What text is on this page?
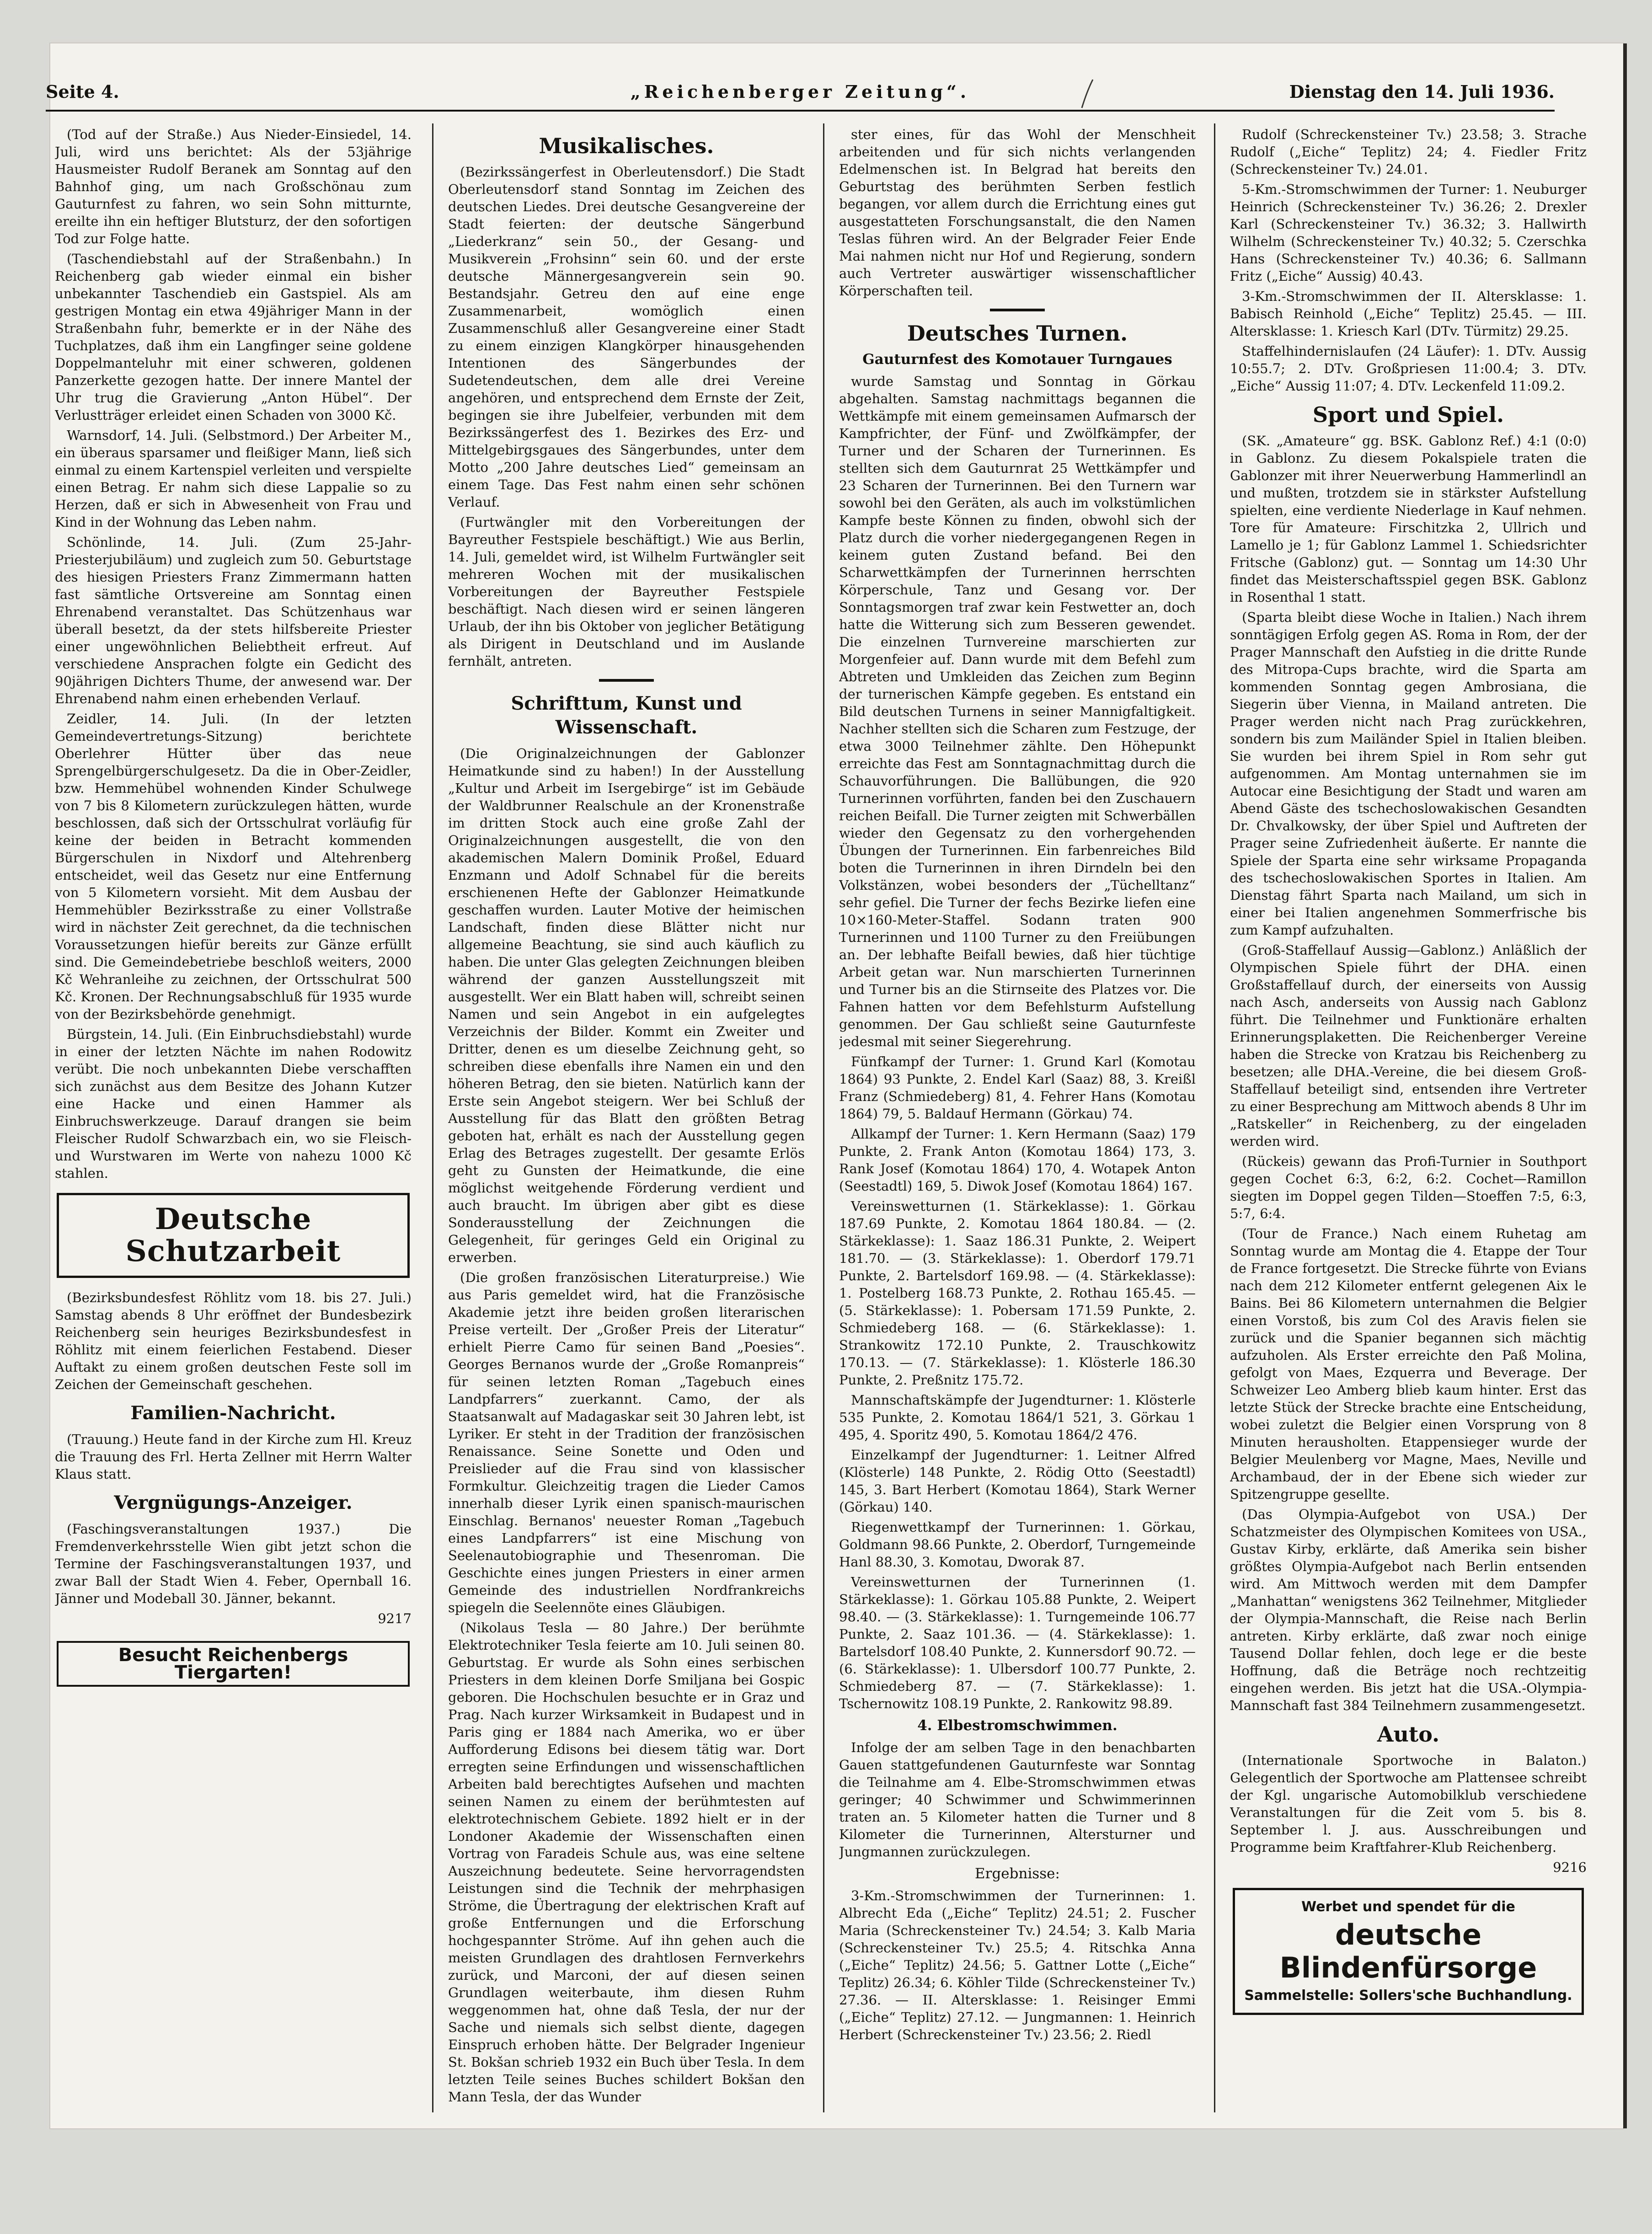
Seite 4.	„Reichenberger Zeitung“.	Dienstag den 14. Juli 1936.

(Tod auf der Straße.) Aus Nieder-Einsiedel, 14. Juli, wird uns berichtet: Als der 53jährige Hausmeister Rudolf Beranek am Sonntag auf den Bahnhof ging, um nach Großschönau zum Gauturnfest zu fahren, wo sein Sohn mitturnte, ereilte ihn ein heftiger Blutsturz, der den sofortigen Tod zur Folge hatte.

(Taschendiebstahl auf der Straßenbahn.) In Reichenberg gab wieder einmal ein bisher unbekannter Taschendieb ein Gastspiel. Als am gestrigen Montag ein etwa 49jähriger Mann in der Straßenbahn fuhr, bemerkte er in der Nähe des Tuchplatzes, daß ihm ein Langfinger seine goldene Doppelmanteluhr mit einer schweren, goldenen Panzerkette gezogen hatte. Der innere Mantel der Uhr trug die Gravierung „Anton Hübel“. Der Verlustträger erleidet einen Schaden von 3000 Kč.

Warnsdorf, 14. Juli. (Selbstmord.) Der Arbeiter M., ein überaus sparsamer und fleißiger Mann, ließ sich einmal zu einem Kartenspiel verleiten und verspielte einen Betrag. Er nahm sich diese Lappalie so zu Herzen, daß er sich in Abwesenheit von Frau und Kind in der Wohnung das Leben nahm.

Schönlinde, 14. Juli. (Zum 25-Jahr-Priesterjubiläum) und zugleich zum 50. Geburtstage des hiesigen Priesters Franz Zimmermann hatten fast sämtliche Ortsvereine am Sonntag einen Ehrenabend veranstaltet. Das Schützenhaus war überall besetzt, da der stets hilfsbereite Priester einer ungewöhnlichen Beliebtheit erfreut. Auf verschiedene Ansprachen folgte ein Gedicht des 90jährigen Dichters Thume, der anwesend war. Der Ehrenabend nahm einen erhebenden Verlauf.

Zeidler, 14. Juli. (In der letzten Gemeindevertretungs-Sitzung) berichtete Oberlehrer Hütter über das neue Sprengelbürgerschulgesetz. Da die in Ober-Zeidler, bzw. Hemmehübel wohnenden Kinder Schulwege von 7 bis 8 Kilometern zurückzulegen hätten, wurde beschlossen, daß sich der Ortsschulrat vorläufig für keine der beiden in Betracht kommenden Bürgerschulen in Nixdorf und Altehrenberg entscheidet, weil das Gesetz nur eine Entfernung von 5 Kilometern vorsieht. Mit dem Ausbau der Hemmehübler Bezirksstraße zu einer Vollstraße wird in nächster Zeit gerechnet, da die technischen Voraussetzungen hiefür bereits zur Gänze erfüllt sind. Die Gemeindebetriebe beschloß weiters, 2000 Kč Wehranleihe zu zeichnen, der Ortsschulrat 500 Kč. Kronen. Der Rechnungsabschluß für 1935 wurde von der Bezirksbehörde genehmigt.

Bürgstein, 14. Juli. (Ein Einbruchsdiebstahl) wurde in einer der letzten Nächte im nahen Rodowitz verübt. Die noch unbekannten Diebe verschafften sich zunächst aus dem Besitze des Johann Kutzer eine Hacke und einen Hammer als Einbruchswerkzeuge. Darauf drangen sie beim Fleischer Rudolf Schwarzbach ein, wo sie Fleisch- und Wurstwaren im Werte von nahezu 1000 Kč stahlen.

Deutsche Schutzarbeit

(Bezirksbundesfest Röhlitz vom 18. bis 27. Juli.) Samstag abends 8 Uhr eröffnet der Bundesbezirk Reichenberg sein heuriges Bezirksbundesfest in Röhlitz mit einem feierlichen Festabend. Dieser Auftakt zu einem großen deutschen Feste soll im Zeichen der Gemeinschaft geschehen.

Familien-Nachricht.

(Trauung.) Heute fand in der Kirche zum Hl. Kreuz die Trauung des Frl. Herta Zellner mit Herrn Walter Klaus statt.

Vergnügungs-Anzeiger.

(Faschingsveranstaltungen 1937.) Die Fremdenverkehrsstelle Wien gibt jetzt schon die Termine der Faschingsveranstaltungen 1937, und zwar Ball der Stadt Wien 4. Feber, Opernball 16. Jänner und Modeball 30. Jänner, bekannt.

9217
Besucht Reichenbergs Tiergarten!
Musikalisches.

(Bezirkssängerfest in Oberleutensdorf.) Die Stadt Oberleutensdorf stand Sonntag im Zeichen des deutschen Liedes. Drei deutsche Gesangvereine der Stadt feierten: der deutsche Sängerbund „Liederkranz“ sein 50., der Gesang- und Musikverein „Frohsinn“ sein 60. und der erste deutsche Männergesangverein sein 90. Bestandsjahr. Getreu den auf eine enge Zusammenarbeit, womöglich einen Zusammenschluß aller Gesangvereine einer Stadt zu einem einzigen Klangkörper hinausgehenden Intentionen des Sängerbundes der Sudetendeutschen, dem alle drei Vereine angehören, und entsprechend dem Ernste der Zeit, begingen sie ihre Jubelfeier, verbunden mit dem Bezirkssängerfest des 1. Bezirkes des Erz- und Mittelgebirgsgaues des Sängerbundes, unter dem Motto „200 Jahre deutsches Lied“ gemeinsam an einem Tage. Das Fest nahm einen sehr schönen Verlauf.

(Furtwängler mit den Vorbereitungen der Bayreuther Festspiele beschäftigt.) Wie aus Berlin, 14. Juli, gemeldet wird, ist Wilhelm Furtwängler seit mehreren Wochen mit der musikalischen Vorbereitungen der Bayreuther Festspiele beschäftigt. Nach diesen wird er seinen längeren Urlaub, der ihn bis Oktober von jeglicher Betätigung als Dirigent in Deutschland und im Auslande fernhält, antreten.

Schrifttum, Kunst und Wissenschaft.

(Die Originalzeichnungen der Gablonzer Heimatkunde sind zu haben!) In der Ausstellung „Kultur und Arbeit im Isergebirge“ ist im Gebäude der Waldbrunner Realschule an der Kronenstraße im dritten Stock auch eine große Zahl der Originalzeichnungen ausgestellt, die von den akademischen Malern Dominik Proßel, Eduard Enzmann und Adolf Schnabel für die bereits erschienenen Hefte der Gablonzer Heimatkunde geschaffen wurden. Lauter Motive der heimischen Landschaft, finden diese Blätter nicht nur allgemeine Beachtung, sie sind auch käuflich zu haben. Die unter Glas gelegten Zeichnungen bleiben während der ganzen Ausstellungszeit mit ausgestellt. Wer ein Blatt haben will, schreibt seinen Namen und sein Angebot in ein aufgelegtes Verzeichnis der Bilder. Kommt ein Zweiter und Dritter, denen es um dieselbe Zeichnung geht, so schreiben diese ebenfalls ihre Namen ein und den höheren Betrag, den sie bieten. Natürlich kann der Erste sein Angebot steigern. Wer bei Schluß der Ausstellung für das Blatt den größten Betrag geboten hat, erhält es nach der Ausstellung gegen Erlag des Betrages zugestellt. Der gesamte Erlös geht zu Gunsten der Heimatkunde, die eine möglichst weitgehende Förderung verdient und auch braucht. Im übrigen aber gibt es diese Sonderausstellung der Zeichnungen die Gelegenheit, für geringes Geld ein Original zu erwerben.

(Die großen französischen Literaturpreise.) Wie aus Paris gemeldet wird, hat die Französische Akademie jetzt ihre beiden großen literarischen Preise verteilt. Der „Großer Preis der Literatur“ erhielt Pierre Camo für seinen Band „Poesies“. Georges Bernanos wurde der „Große Romanpreis“ für seinen letzten Roman „Tagebuch eines Landpfarrers“ zuerkannt. Camo, der als Staatsanwalt auf Madagaskar seit 30 Jahren lebt, ist Lyriker. Er steht in der Tradition der französischen Renaissance. Seine Sonette und Oden und Preislieder auf die Frau sind von klassischer Formkultur. Gleichzeitig tragen die Lieder Camos innerhalb dieser Lyrik einen spanisch-maurischen Einschlag. Bernanos' neuester Roman „Tagebuch eines Landpfarrers“ ist eine Mischung von Seelenautobiographie und Thesenroman. Die Geschichte eines jungen Priesters in einer armen Gemeinde des industriellen Nordfrankreichs spiegeln die Seelennöte eines Gläubigen.

(Nikolaus Tesla — 80 Jahre.) Der berühmte Elektrotechniker Tesla feierte am 10. Juli seinen 80. Geburtstag. Er wurde als Sohn eines serbischen Priesters in dem kleinen Dorfe Smiljana bei Gospic geboren. Die Hochschulen besuchte er in Graz und Prag. Nach kurzer Wirksamkeit in Budapest und in Paris ging er 1884 nach Amerika, wo er über Aufforderung Edisons bei diesem tätig war. Dort erregten seine Erfindungen und wissenschaftlichen Arbeiten bald berechtigtes Aufsehen und machten seinen Namen zu einem der berühmtesten auf elektrotechnischem Gebiete. 1892 hielt er in der Londoner Akademie der Wissenschaften einen Vortrag von Faradeis Schule aus, was eine seltene Auszeichnung bedeutete. Seine hervorragendsten Leistungen sind die Technik der mehrphasigen Ströme, die Übertragung der elektrischen Kraft auf große Entfernungen und die Erforschung hochgespannter Ströme. Auf ihn gehen auch die meisten Grundlagen des drahtlosen Fernverkehrs zurück, und Marconi, der auf diesen seinen Grundlagen weiterbaute, ihm diesen Ruhm weggenommen hat, ohne daß Tesla, der nur der Sache und niemals sich selbst diente, dagegen Einspruch erhoben hätte. Der Belgrader Ingenieur St. Bokšan schrieb 1932 ein Buch über Tesla. In dem letzten Teile seines Buches schildert Bokšan den Mann Tesla, der das Wunder

ster eines, für das Wohl der Menschheit arbeitenden und für sich nichts verlangenden Edelmenschen ist. In Belgrad hat bereits den Geburtstag des berühmten Serben festlich begangen, vor allem durch die Errichtung eines gut ausgestatteten Forschungsanstalt, die den Namen Teslas führen wird. An der Belgrader Feier Ende Mai nahmen nicht nur Hof und Regierung, sondern auch Vertreter auswärtiger wissenschaftlicher Körperschaften teil.

Deutsches Turnen.
Gauturnfest des Komotauer Turngaues

wurde Samstag und Sonntag in Görkau abgehalten. Samstag nachmittags begannen die Wettkämpfe mit einem gemeinsamen Aufmarsch der Kampfrichter, der Fünf- und Zwölfkämpfer, der Turner und der Scharen der Turnerinnen. Es stellten sich dem Gauturnrat 25 Wettkämpfer und 23 Scharen der Turnerinnen. Bei den Turnern war sowohl bei den Geräten, als auch im volkstümlichen Kampfe beste Können zu finden, obwohl sich der Platz durch die vorher niedergegangenen Regen in keinem guten Zustand befand. Bei den Scharwettkämpfen der Turnerinnen herrschten Körperschule, Tanz und Gesang vor. Der Sonntagsmorgen traf zwar kein Festwetter an, doch hatte die Witterung sich zum Besseren gewendet. Die einzelnen Turnvereine marschierten zur Morgenfeier auf. Dann wurde mit dem Befehl zum Abtreten und Umkleiden das Zeichen zum Beginn der turnerischen Kämpfe gegeben. Es entstand ein Bild deutschen Turnens in seiner Mannigfaltigkeit. Nachher stellten sich die Scharen zum Festzuge, der etwa 3000 Teilnehmer zählte. Den Höhepunkt erreichte das Fest am Sonntagnachmittag durch die Schauvorführungen. Die Ballübungen, die 920 Turnerinnen vorführten, fanden bei den Zuschauern reichen Beifall. Die Turner zeigten mit Schwerbällen wieder den Gegensatz zu den vorhergehenden Übungen der Turnerinnen. Ein farbenreiches Bild boten die Turnerinnen in ihren Dirndeln bei den Volkstänzen, wobei besonders der „Tüchelltanz“ sehr gefiel. Die Turner der fechs Bezirke liefen eine 10×160-Meter-Staffel. Sodann traten 900 Turnerinnen und 1100 Turner zu den Freiübungen an. Der lebhafte Beifall bewies, daß hier tüchtige Arbeit getan war. Nun marschierten Turnerinnen und Turner bis an die Stirnseite des Platzes vor. Die Fahnen hatten vor dem Befehlsturm Aufstellung genommen. Der Gau schließt seine Gauturnfeste jedesmal mit seiner Siegerehrung.

Fünfkampf der Turner: 1. Grund Karl (Komotau 1864) 93 Punkte, 2. Endel Karl (Saaz) 88, 3. Kreißl Franz (Schmiedeberg) 81, 4. Fehrer Hans (Komotau 1864) 79, 5. Baldauf Hermann (Görkau) 74.

Allkampf der Turner: 1. Kern Hermann (Saaz) 179 Punkte, 2. Frank Anton (Komotau 1864) 173, 3. Rank Josef (Komotau 1864) 170, 4. Wotapek Anton (Seestadtl) 169, 5. Diwok Josef (Komotau 1864) 167.

Vereinswetturnen (1. Stärkeklasse): 1. Görkau 187.69 Punkte, 2. Komotau 1864 180.84. — (2. Stärkeklasse): 1. Saaz 186.31 Punkte, 2. Weipert 181.70. — (3. Stärkeklasse): 1. Oberdorf 179.71 Punkte, 2. Bartelsdorf 169.98. — (4. Stärkeklasse): 1. Postelberg 168.73 Punkte, 2. Rothau 165.45. — (5. Stärkeklasse): 1. Pobersam 171.59 Punkte, 2. Schmiedeberg 168. — (6. Stärkeklasse): 1. Strankowitz 172.10 Punkte, 2. Trauschkowitz 170.13. — (7. Stärkeklasse): 1. Klösterle 186.30 Punkte, 2. Preßnitz 175.72.

Mannschaftskämpfe der Jugendturner: 1. Klösterle 535 Punkte, 2. Komotau 1864/1 521, 3. Görkau 1 495, 4. Sporitz 490, 5. Komotau 1864/2 476.

Einzelkampf der Jugendturner: 1. Leitner Alfred (Klösterle) 148 Punkte, 2. Rödig Otto (Seestadtl) 145, 3. Bart Herbert (Komotau 1864), Stark Werner (Görkau) 140.

Riegenwettkampf der Turnerinnen: 1. Görkau, Goldmann 98.66 Punkte, 2. Oberdorf, Turngemeinde Hanl 88.30, 3. Komotau, Dworak 87.

Vereinswetturnen der Turnerinnen (1. Stärkeklasse): 1. Görkau 105.88 Punkte, 2. Weipert 98.40. — (3. Stärkeklasse): 1. Turngemeinde 106.77 Punkte, 2. Saaz 101.36. — (4. Stärkeklasse): 1. Bartelsdorf 108.40 Punkte, 2. Kunnersdorf 90.72. — (6. Stärkeklasse): 1. Ulbersdorf 100.77 Punkte, 2. Schmiedeberg 87. — (7. Stärkeklasse): 1. Tschernowitz 108.19 Punkte, 2. Rankowitz 98.89.

4. Elbestromschwimmen.

Infolge der am selben Tage in den benachbarten Gauen stattgefundenen Gauturnfeste war Sonntag die Teilnahme am 4. Elbe-Stromschwimmen etwas geringer; 40 Schwimmer und Schwimmerinnen traten an. 5 Kilometer hatten die Turner und 8 Kilometer die Turnerinnen, Altersturner und Jungmannen zurückzulegen.

Ergebnisse:

3-Km.-Stromschwimmen der Turnerinnen: 1. Albrecht Eda („Eiche“ Teplitz) 24.51; 2. Fuscher Maria (Schreckensteiner Tv.) 24.54; 3. Kalb Maria (Schreckensteiner Tv.) 25.5; 4. Ritschka Anna („Eiche“ Teplitz) 24.56; 5. Gattner Lotte („Eiche“ Teplitz) 26.34; 6. Köhler Tilde (Schreckensteiner Tv.) 27.36. — II. Altersklasse: 1. Reisinger Emmi („Eiche“ Teplitz) 27.12. — Jungmannen: 1. Heinrich Herbert (Schreckensteiner Tv.) 23.56; 2. Riedl

Rudolf (Schreckensteiner Tv.) 23.58; 3. Strache Rudolf („Eiche“ Teplitz) 24; 4. Fiedler Fritz (Schreckensteiner Tv.) 24.01.

5-Km.-Stromschwimmen der Turner: 1. Neuburger Heinrich (Schreckensteiner Tv.) 36.26; 2. Drexler Karl (Schreckensteiner Tv.) 36.32; 3. Hallwirth Wilhelm (Schreckensteiner Tv.) 40.32; 5. Czerschka Hans (Schreckensteiner Tv.) 40.36; 6. Sallmann Fritz („Eiche“ Aussig) 40.43.

3-Km.-Stromschwimmen der II. Altersklasse: 1. Babisch Reinhold („Eiche“ Teplitz) 25.45. — III. Altersklasse: 1. Kriesch Karl (DTv. Türmitz) 29.25.

Staffelhindernislaufen (24 Läufer): 1. DTv. Aussig 10:55.7; 2. DTv. Großpriesen 11:00.4; 3. DTv. „Eiche“ Aussig 11:07; 4. DTv. Leckenfeld 11:09.2.

Sport und Spiel.

(SK. „Amateure“ gg. BSK. Gablonz Ref.) 4:1 (0:0) in Gablonz. Zu diesem Pokalspiele traten die Gablonzer mit ihrer Neuerwerbung Hammerlindl an und mußten, trotzdem sie in stärkster Aufstellung spielten, eine verdiente Niederlage in Kauf nehmen. Tore für Amateure: Firschitzka 2, Ullrich und Lamello je 1; für Gablonz Lammel 1. Schiedsrichter Fritsche (Gablonz) gut. — Sonntag um 14:30 Uhr findet das Meisterschaftsspiel gegen BSK. Gablonz in Rosenthal 1 statt.

(Sparta bleibt diese Woche in Italien.) Nach ihrem sonntägigen Erfolg gegen AS. Roma in Rom, der der Prager Mannschaft den Aufstieg in die dritte Runde des Mitropa-Cups brachte, wird die Sparta am kommenden Sonntag gegen Ambrosiana, die Siegerin über Vienna, in Mailand antreten. Die Prager werden nicht nach Prag zurückkehren, sondern bis zum Mailänder Spiel in Italien bleiben. Sie wurden bei ihrem Spiel in Rom sehr gut aufgenommen. Am Montag unternahmen sie im Autocar eine Besichtigung der Stadt und waren am Abend Gäste des tschechoslowakischen Gesandten Dr. Chvalkowsky, der über Spiel und Auftreten der Prager seine Zufriedenheit äußerte. Er nannte die Spiele der Sparta eine sehr wirksame Propaganda des tschechoslowakischen Sportes in Italien. Am Dienstag fährt Sparta nach Mailand, um sich in einer bei Italien angenehmen Sommerfrische bis zum Kampf aufzuhalten.

(Groß-Staffellauf Aussig—Gablonz.) Anläßlich der Olympischen Spiele führt der DHA. einen Großstaffellauf durch, der einerseits von Aussig nach Asch, anderseits von Aussig nach Gablonz führt. Die Teilnehmer und Funktionäre erhalten Erinnerungsplaketten. Die Reichenberger Vereine haben die Strecke von Kratzau bis Reichenberg zu besetzen; alle DHA.-Vereine, die bei diesem Groß-Staffellauf beteiligt sind, entsenden ihre Vertreter zu einer Besprechung am Mittwoch abends 8 Uhr im „Ratskeller“ in Reichenberg, zu der eingeladen werden wird.

(Rückeis) gewann das Profi-Turnier in Southport gegen Cochet 6:3, 6:2, 6:2. Cochet—Ramillon siegten im Doppel gegen Tilden—Stoeffen 7:5, 6:3, 5:7, 6:4.

(Tour de France.) Nach einem Ruhetag am Sonntag wurde am Montag die 4. Etappe der Tour de France fortgesetzt. Die Strecke führte von Evians nach dem 212 Kilometer entfernt gelegenen Aix le Bains. Bei 86 Kilometern unternahmen die Belgier einen Vorstoß, bis zum Col des Aravis fielen sie zurück und die Spanier begannen sich mächtig aufzuholen. Als Erster erreichte den Paß Molina, gefolgt von Maes, Ezquerra und Beverage. Der Schweizer Leo Amberg blieb kaum hinter. Erst das letzte Stück der Strecke brachte eine Entscheidung, wobei zuletzt die Belgier einen Vorsprung von 8 Minuten herausholten. Etappensieger wurde der Belgier Meulenberg vor Magne, Maes, Neville und Archambaud, der in der Ebene sich wieder zur Spitzengruppe gesellte.

(Das Olympia-Aufgebot von USA.) Der Schatzmeister des Olympischen Komitees von USA., Gustav Kirby, erklärte, daß Amerika sein bisher größtes Olympia-Aufgebot nach Berlin entsenden wird. Am Mittwoch werden mit dem Dampfer „Manhattan“ wenigstens 362 Teilnehmer, Mitglieder der Olympia-Mannschaft, die Reise nach Berlin antreten. Kirby erklärte, daß zwar noch einige Tausend Dollar fehlen, doch lege er die beste Hoffnung, daß die Beträge noch rechtzeitig eingehen werden. Bis jetzt hat die USA.-Olympia-Mannschaft fast 384 Teilnehmern zusammengesetzt.

Auto.

(Internationale Sportwoche in Balaton.) Gelegentlich der Sportwoche am Plattensee schreibt der Kgl. ungarische Automobilklub verschiedene Veranstaltungen für die Zeit vom 5. bis 8. September l. J. aus. Ausschreibungen und Programme beim Kraftfahrer-Klub Reichenberg.

9216
Werbet und spendet für die
deutsche Blindenfürsorge
Sammelstelle: Sollers'sche Buchhandlung.
